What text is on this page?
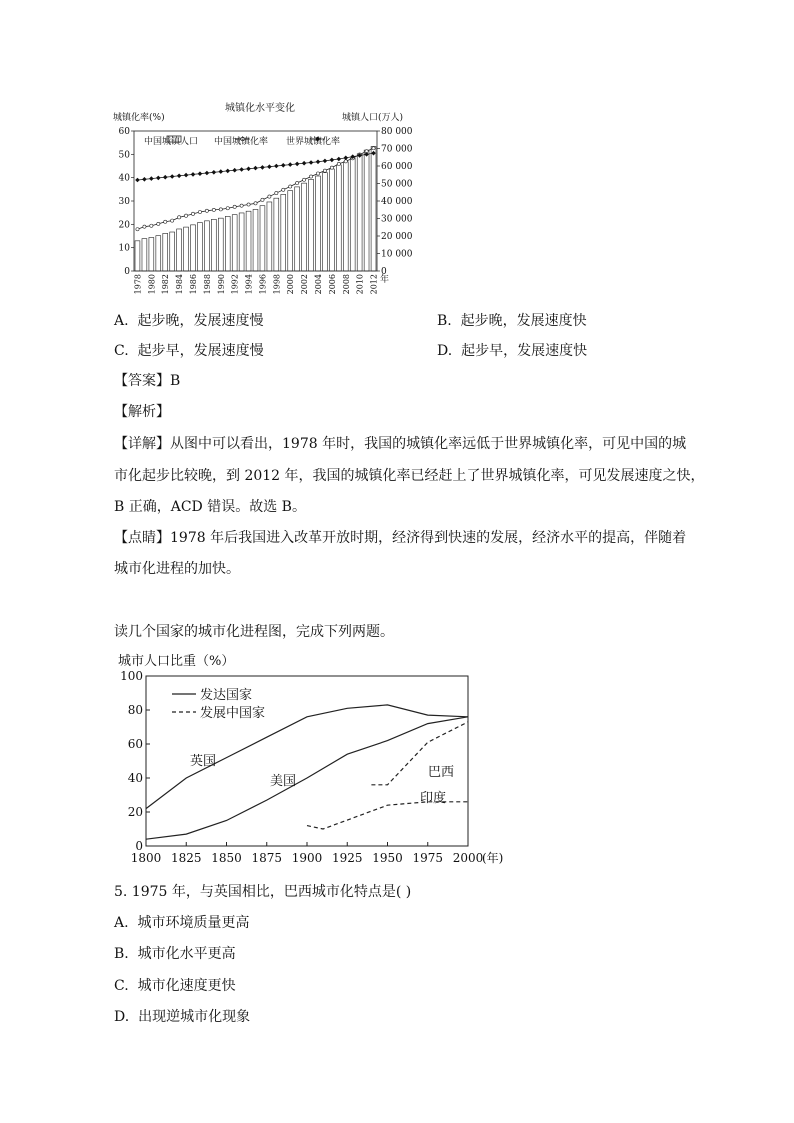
城镇化水平变化
城镇化率(%)	城镇人口(万人)
0
10
20
30
40
50
60
0
10 000
20 000
30 000
40 000
50 000
60 000
70 000
80 000
1978 1980 1982 1984 1986 1988 1990 1992 1994 1996 1998 2000 2002 2004 2006 2008 2010 2012
中国城镇人口 中国城镇化率 世界城镇化率
年
A. 起步晚，发展速度慢	B. 起步晚，发展速度快
C. 起步早，发展速度慢	D. 起步早，发展速度快
【答案】B
【解析】
【详解】从图中可以看出，1978 年时，我国的城镇化率远低于世界城镇化率，可见中国的城
市化起步比较晚，到 2012 年，我国的城镇化率已经赶上了世界城镇化率，可见发展速度之快，
B 正确，ACD 错误。故选 B。
【点睛】1978 年后我国进入改革开放时期，经济得到快速的发展，经济水平的提高，伴随着
城市化进程的加快。
读几个国家的城市化进程图，完成下列两题。
城市人口比重（%）
0
20
40
60
80
100
1800 1825 1850 1875 1900 1925 1950 1975 2000
(年)
发达国家
发展中国家
英国
美国
巴西
印度
5. 1975 年，与英国相比，巴西城市化特点是( )
A. 城市环境质量更高
B. 城市化水平更高
C. 城市化速度更快
D. 出现逆城市化现象
